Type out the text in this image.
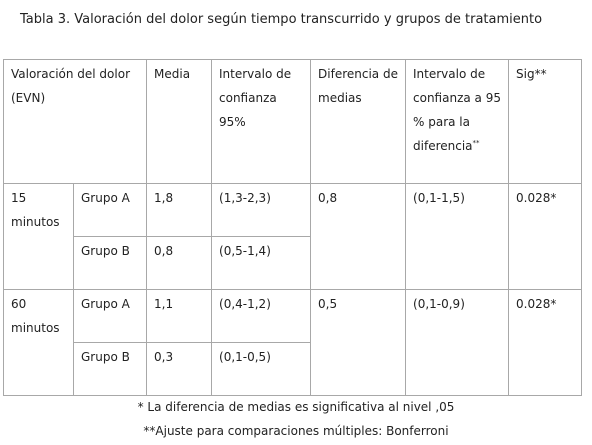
Tabla 3. Valoración del dolor según tiempo transcurrido y grupos de tratamiento
Valoración del dolor (EVN)		Media	Intervalo de confianza 95%	Diferencia de medias	Intervalo de confianza a 95 % para la diferencia**	Sig**
15 minutos	Grupo A	1,8	(1,3-2,3)	0,8	(0,1-1,5)	0.028*
	Grupo B	0,8	(0,5-1,4)			
60 minutos	Grupo A	1,1	(0,4-1,2)	0,5	(0,1-0,9)	0.028*
	Grupo B	0,3	(0,1-0,5)			
* La diferencia de medias es significativa al nivel ,05
**Ajuste para comparaciones múltiples: Bonferroni
